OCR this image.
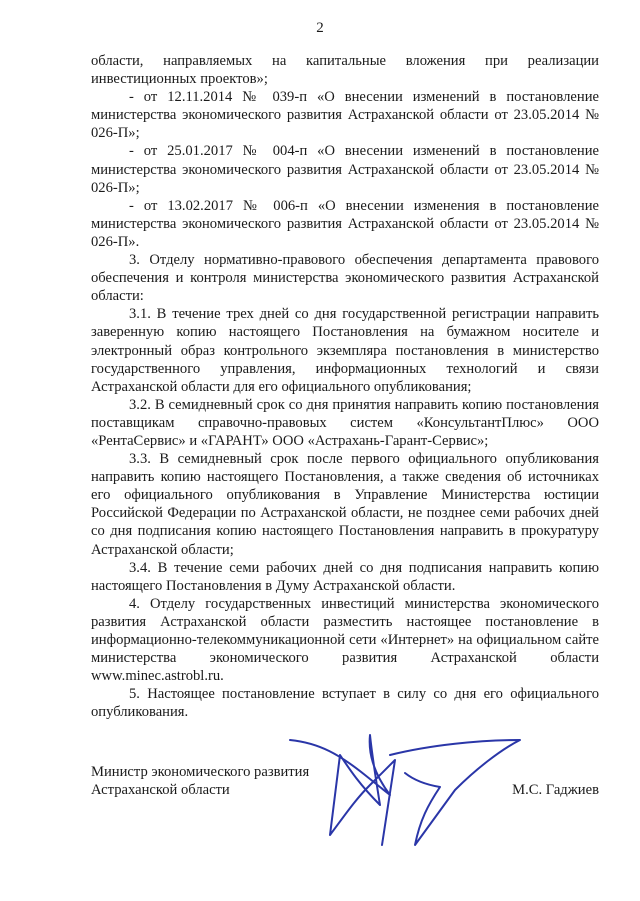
2

области, направляемых на капитальные вложения при реализации инвестиционных проектов»;

- от 12.11.2014 № 039-п «О внесении изменений в постановление министерства экономического развития Астраханской области от 23.05.2014 № 026-П»;

- от 25.01.2017 № 004-п «О внесении изменений в постановление министерства экономического развития Астраханской области от 23.05.2014 № 026-П»;

- от 13.02.2017 № 006-п «О внесении изменения в постановление министерства экономического развития Астраханской области от 23.05.2014 № 026-П».

3. Отделу нормативно-правового обеспечения департамента правового обеспечения и контроля министерства экономического развития Астраханской области:

3.1. В течение трех дней со дня государственной регистрации направить заверенную копию настоящего Постановления на бумажном носителе и электронный образ контрольного экземпляра постановления в министерство государственного управления, информационных технологий и связи Астраханской области для его официального опубликования;

3.2. В семидневный срок со дня принятия направить копию постановления поставщикам справочно-правовых систем «КонсультантПлюс» ООО «РентаСервис» и «ГАРАНТ» ООО «Астрахань-Гарант-Сервис»;

3.3. В семидневный срок после первого официального опубликования направить копию настоящего Постановления, а также сведения об источниках его официального опубликования в Управление Министерства юстиции Российской Федерации по Астраханской области, не позднее семи рабочих дней со дня подписания копию настоящего Постановления направить в прокуратуру Астраханской области;

3.4. В течение семи рабочих дней со дня подписания направить копию настоящего Постановления в Думу Астраханской области.

4. Отделу государственных инвестиций министерства экономического развития Астраханской области разместить настоящее постановление в информационно-телекоммуникационной сети «Интернет» на официальном сайте министерства экономического развития Астраханской области www.minec.astrobl.ru.

5. Настоящее постановление вступает в силу со дня его официального опубликования.

Министр экономического развития
Астраханской области	М.С. Гаджиев
